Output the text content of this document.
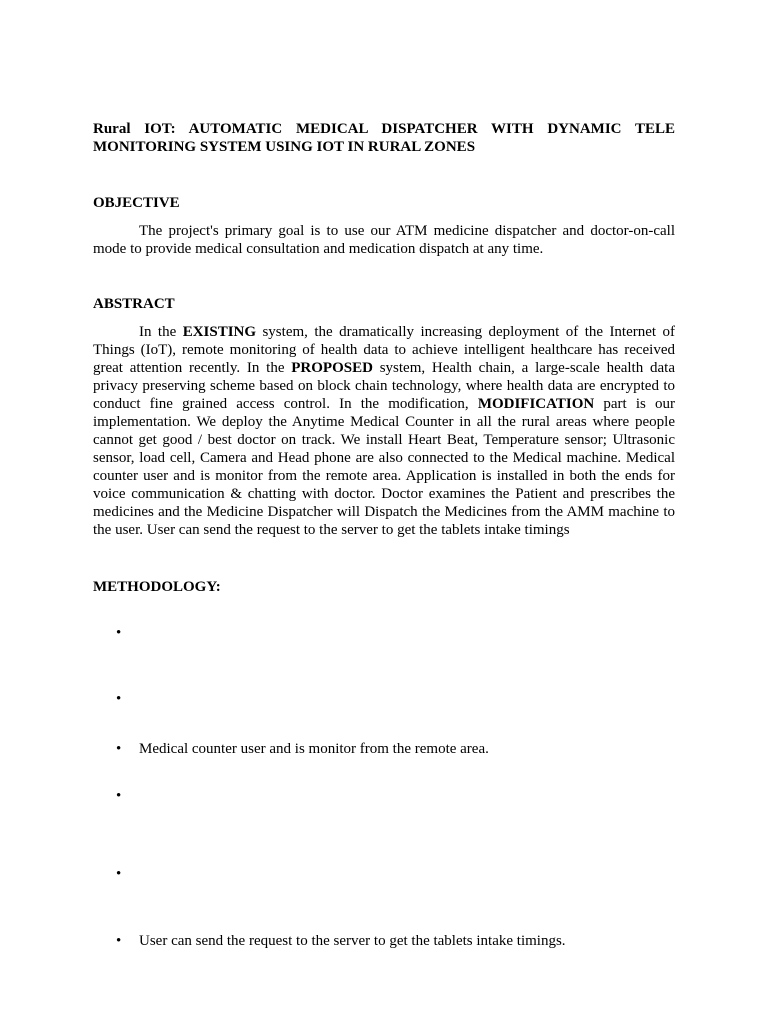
Rural IOT: AUTOMATIC MEDICAL DISPATCHER WITH DYNAMIC TELE MONITORING SYSTEM USING IOT IN RURAL ZONES
OBJECTIVE
The project's primary goal is to use our ATM medicine dispatcher and doctor-on-call mode to provide medical consultation and medication dispatch at any time.
ABSTRACT
In the EXISTING system, the dramatically increasing deployment of the Internet of Things (IoT), remote monitoring of health data to achieve intelligent healthcare has received great attention recently. In the PROPOSED system, Health chain, a large-scale health data privacy preserving scheme based on block chain technology, where health data are encrypted to conduct fine grained access control. In the modification, MODIFICATION part is our implementation. We deploy the Anytime Medical Counter in all the rural areas where people cannot get good / best doctor on track. We install Heart Beat, Temperature sensor; Ultrasonic sensor, load cell, Camera and Head phone are also connected to the Medical machine. Medical counter user and is monitor from the remote area. Application is installed in both the ends for voice communication & chatting with doctor. Doctor examines the Patient and prescribes the medicines and the Medicine Dispatcher will Dispatch the Medicines from the AMM machine to the user. User can send the request to the server to get the tablets intake timings
METHODOLOGY:
•
•
•	Medical counter user and is monitor from the remote area.
•
•
•	User can send the request to the server to get the tablets intake timings.
